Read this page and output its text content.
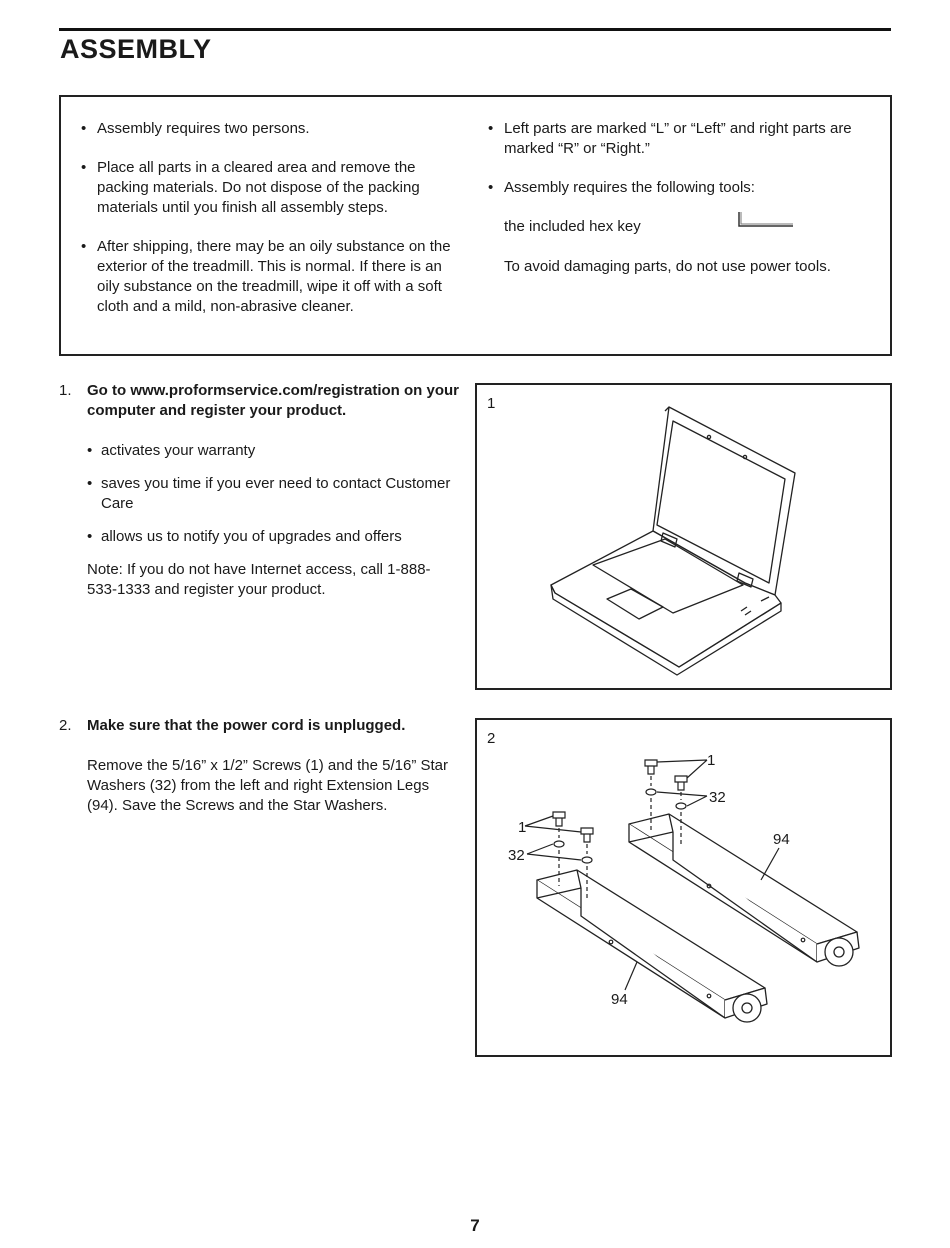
ASSEMBLY
• Assembly requires two persons.
• Place all parts in a cleared area and remove the packing materials. Do not dispose of the packing materials until you finish all assembly steps.
• After shipping, there may be an oily substance on the exterior of the treadmill. This is normal. If there is an oily substance on the treadmill, wipe it off with a soft cloth and a mild, non-abrasive cleaner.
• Left parts are marked “L” or “Left” and right parts are marked “R” or “Right.”
• Assembly requires the following tools:
the included hex key

To avoid damaging parts, do not use power tools.

1. Go to www.proformservice.com/registration on your computer and register your product.

• activates your warranty
• saves you time if you ever need to contact Customer Care
• allows us to notify you of upgrades and offers

Note: If you do not have Internet access, call 1-888-533-1333 and register your product.

1
2. Make sure that the power cord is unplugged.

Remove the 5/16” x 1/2” Screws (1) and the 5/16” Star Washers (32) from the left and right Extension Legs (94). Save the Screws and the Star Washers.

2
1
32
1
32
94
94
7
